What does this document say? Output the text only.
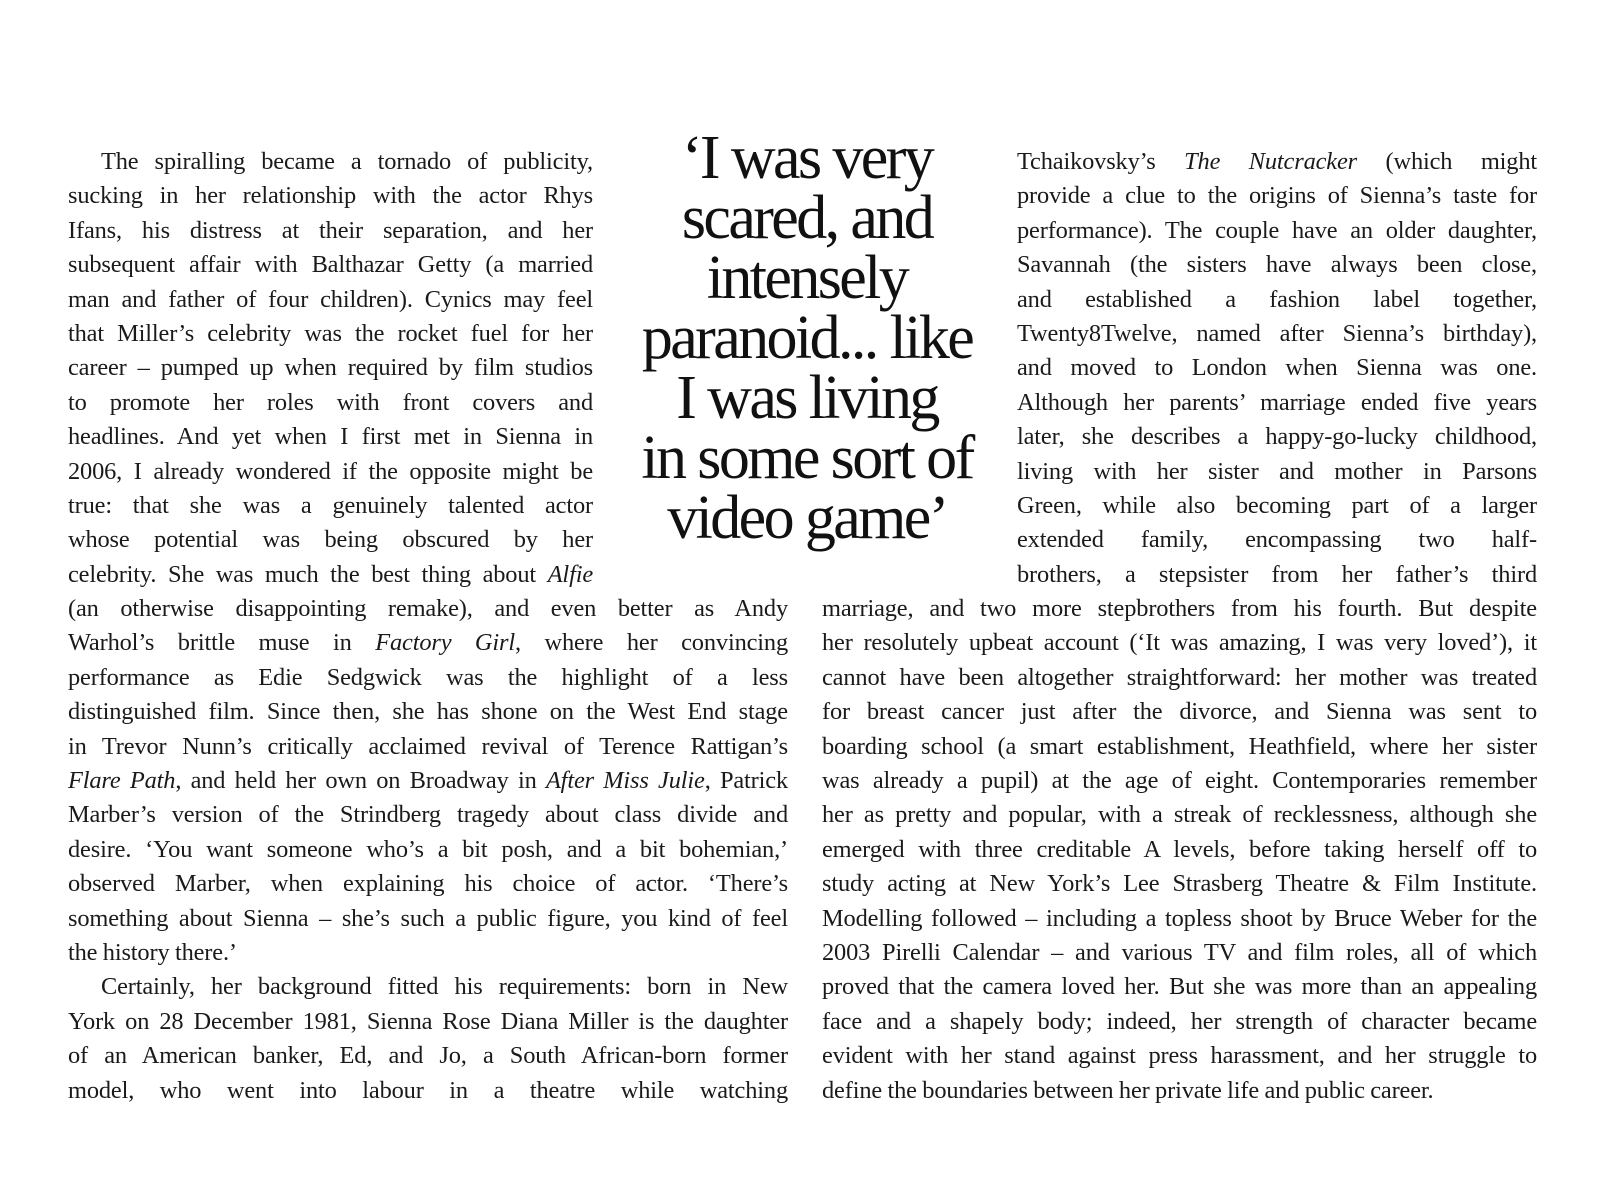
‘I was very
scared, and
intensely
paranoid... like
I was living
in some sort of
video game’
The spiralling became a tornado of publicity,
sucking in her relationship with the actor Rhys
Ifans, his distress at their separation, and her
subsequent affair with Balthazar Getty (a married
man and father of four children). Cynics may feel
that Miller’s celebrity was the rocket fuel for her
career – pumped up when required by film studios
to promote her roles with front covers and
headlines. And yet when I first met in Sienna in
2006, I already wondered if the opposite might be
true: that she was a genuinely talented actor
whose potential was being obscured by her
celebrity. She was much the best thing about Alfie
Tchaikovsky’s The Nutcracker (which might
provide a clue to the origins of Sienna’s taste for
performance). The couple have an older daughter,
Savannah (the sisters have always been close,
and established a fashion label together,
Twenty8Twelve, named after Sienna’s birthday),
and moved to London when Sienna was one.
Although her parents’ marriage ended five years
later, she describes a happy-go-lucky childhood,
living with her sister and mother in Parsons
Green, while also becoming part of a larger
extended family, encompassing two half-
brothers, a stepsister from her father’s third
(an otherwise disappointing remake), and even better as Andy
Warhol’s brittle muse in Factory Girl, where her convincing
performance as Edie Sedgwick was the highlight of a less
distinguished film. Since then, she has shone on the West End stage
in Trevor Nunn’s critically acclaimed revival of Terence Rattigan’s
Flare Path, and held her own on Broadway in After Miss Julie, Patrick
Marber’s version of the Strindberg tragedy about class divide and
desire. ‘You want someone who’s a bit posh, and a bit bohemian,’
observed Marber, when explaining his choice of actor. ‘There’s
something about Sienna – she’s such a public figure, you kind of feel
the history there.’
Certainly, her background fitted his requirements: born in New
York on 28 December 1981, Sienna Rose Diana Miller is the daughter
of an American banker, Ed, and Jo, a South African-born former
model, who went into labour in a theatre while watching
marriage, and two more stepbrothers from his fourth. But despite
her resolutely upbeat account (‘It was amazing, I was very loved’), it
cannot have been altogether straightforward: her mother was treated
for breast cancer just after the divorce, and Sienna was sent to
boarding school (a smart establishment, Heathfield, where her sister
was already a pupil) at the age of eight. Contemporaries remember
her as pretty and popular, with a streak of recklessness, although she
emerged with three creditable A levels, before taking herself off to
study acting at New York’s Lee Strasberg Theatre & Film Institute.
Modelling followed – including a topless shoot by Bruce Weber for the
2003 Pirelli Calendar – and various TV and film roles, all of which
proved that the camera loved her. But she was more than an appealing
face and a shapely body; indeed, her strength of character became
evident with her stand against press harassment, and her struggle to
define the boundaries between her private life and public career.
